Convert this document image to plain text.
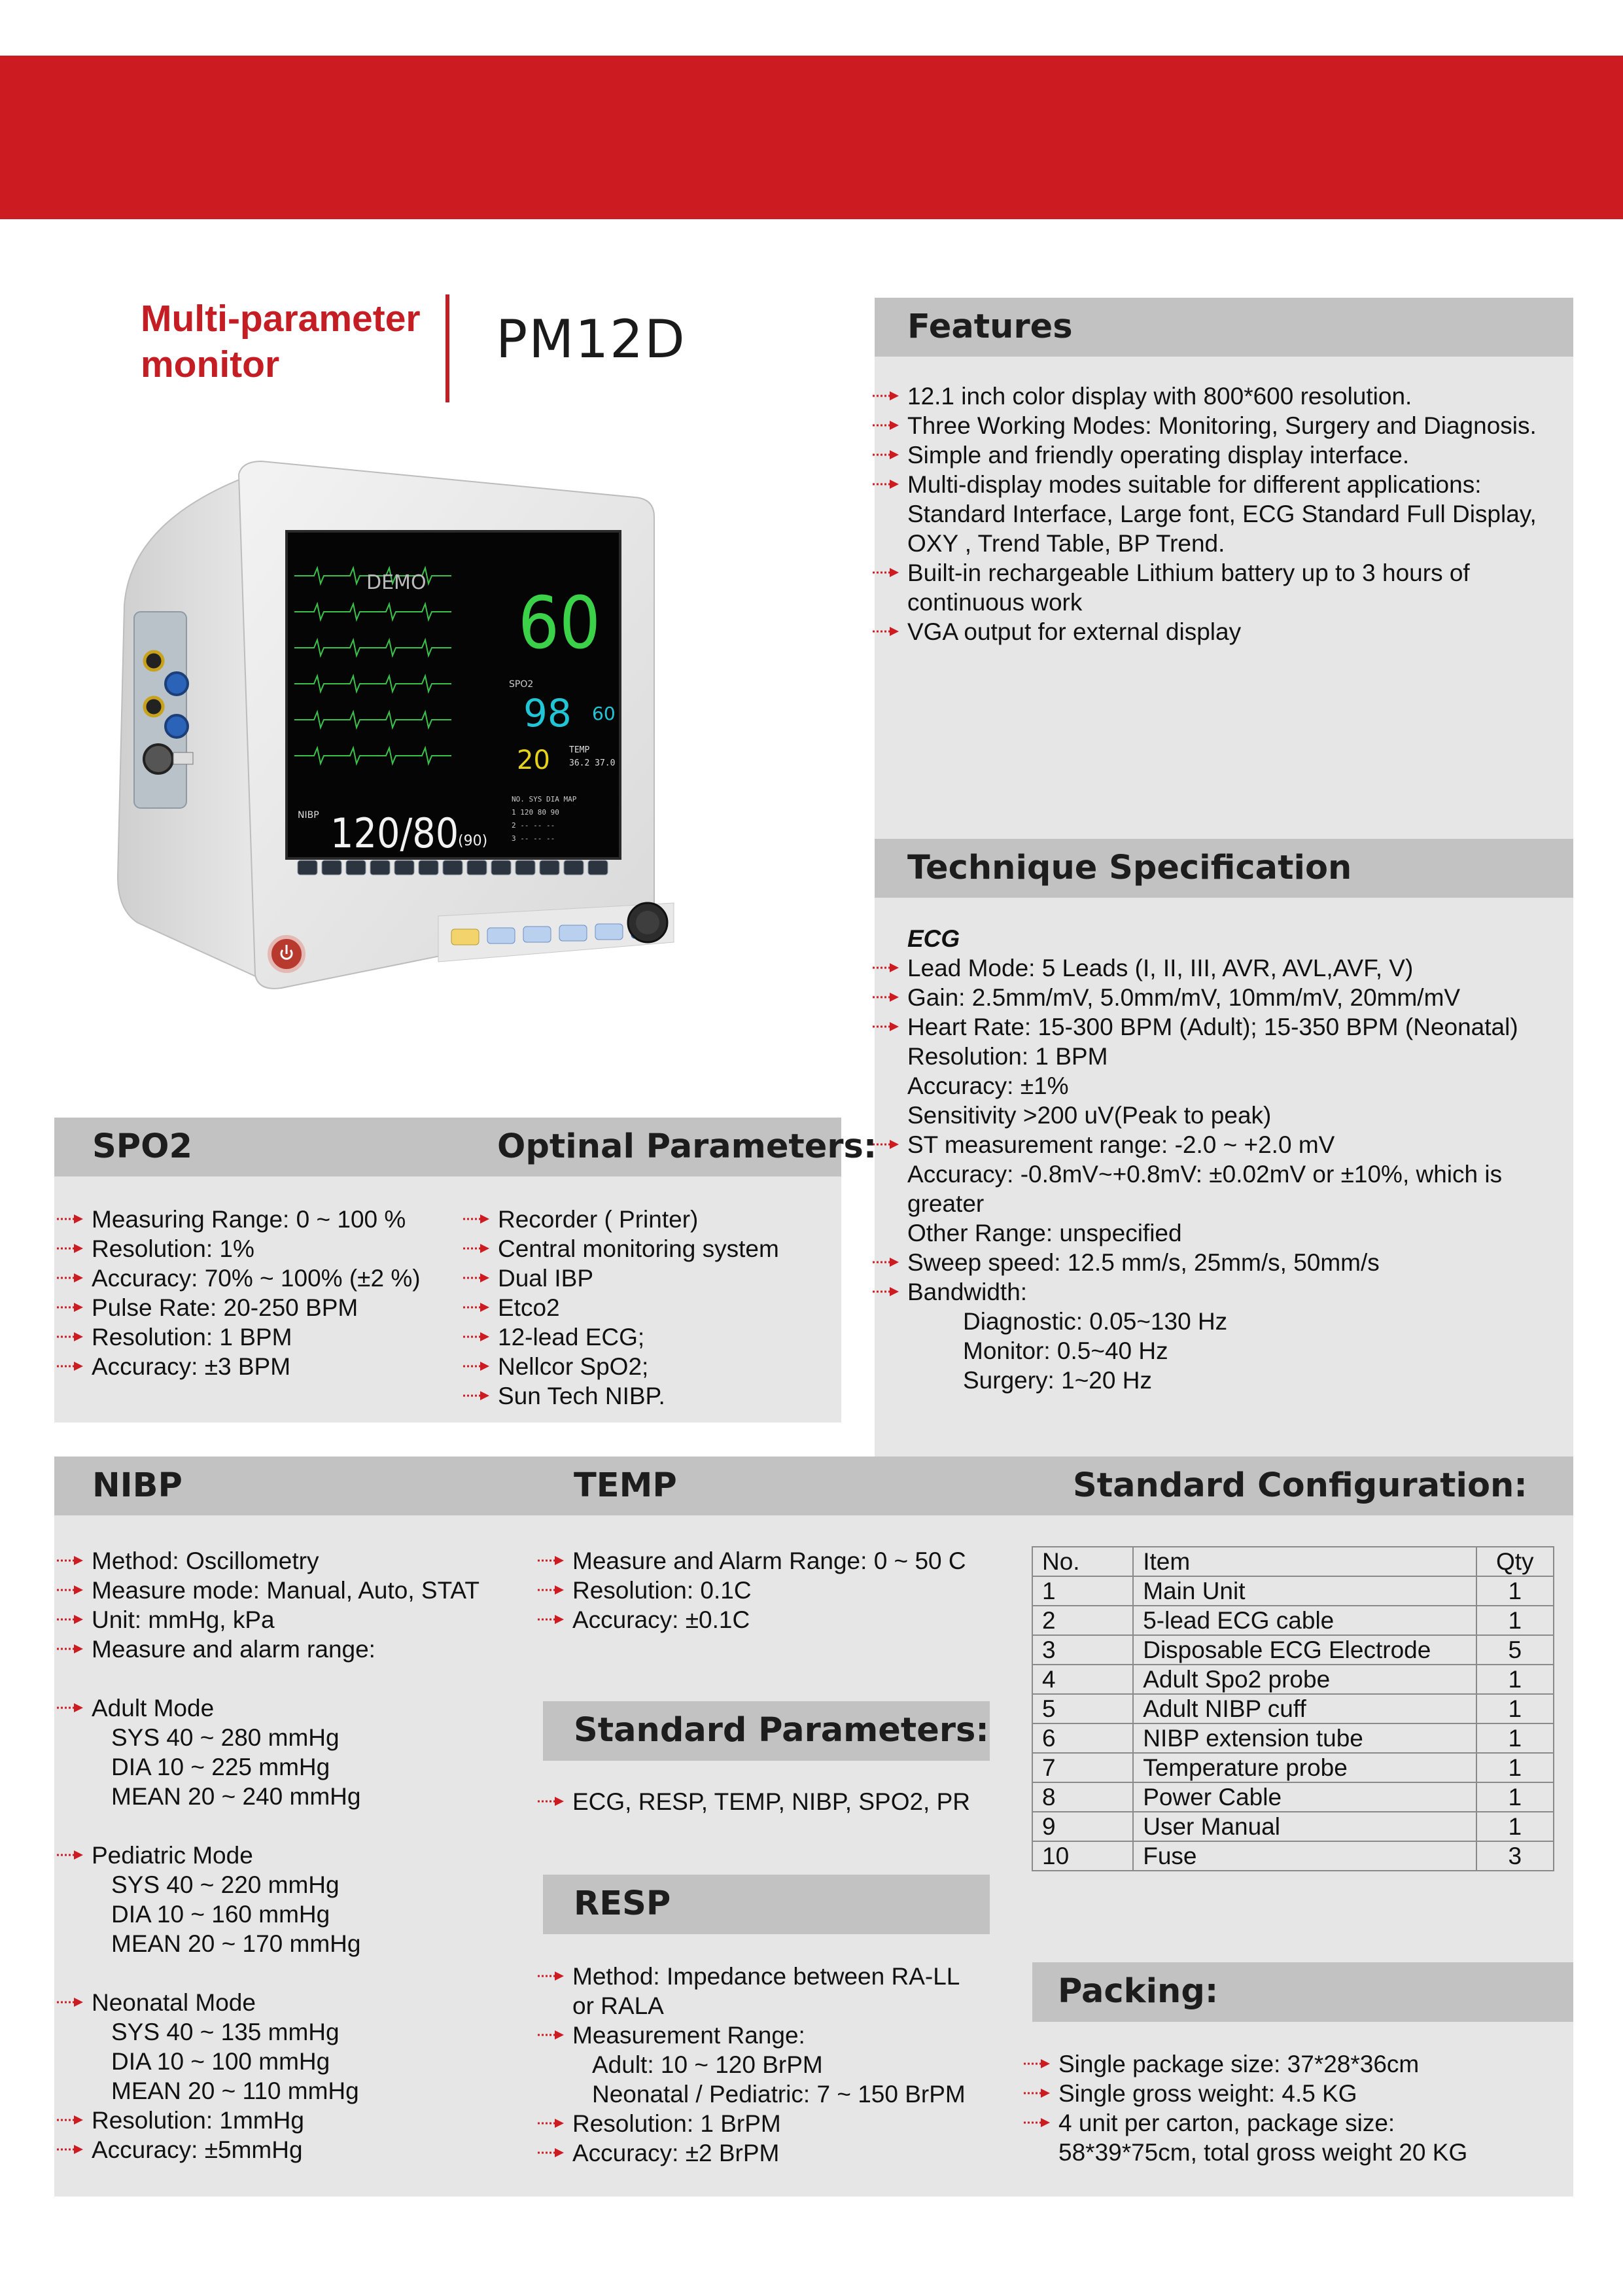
Multi-parameter
monitor	PM12D
DEMO 60
SPO2
98 60
20 TEMP
36.2 37.0
NIBP 120/80
(90)
NO. SYS DIA MAP
1 120 80 90
2 -- -- --
3 -- -- --
Features
12.1 inch color display with 800*600 resolution.
Three Working Modes: Monitoring, Surgery and Diagnosis.
Simple and friendly operating display interface.
Multi-display modes suitable for different applications:
Standard Interface, Large font, ECG Standard Full Display,
OXY , Trend Table, BP Trend.
Built-in rechargeable Lithium battery up to 3 hours of
continuous work
VGA output for external display
Technique Specification
ECG
Lead Mode: 5 Leads (I, II, III, AVR, AVL,AVF, V)
Gain: 2.5mm/mV, 5.0mm/mV, 10mm/mV, 20mm/mV
Heart Rate: 15-300 BPM (Adult); 15-350 BPM (Neonatal)
Resolution: 1 BPM
Accuracy: ±1%
Sensitivity >200 uV(Peak to peak)
ST measurement range: -2.0 ~ +2.0 mV
Accuracy: -0.8mV~+0.8mV: ±0.02mV or ±10%, which is
greater
Other Range: unspecified
Sweep speed: 12.5 mm/s, 25mm/s, 50mm/s
Bandwidth:
Diagnostic: 0.05~130 Hz
Monitor: 0.5~40 Hz
Surgery: 1~20 Hz
SPO2	Optinal Parameters:
Measuring Range: 0 ~ 100 %
Resolution: 1%
Accuracy: 70% ~ 100% (±2 %)
Pulse Rate: 20-250 BPM
Resolution: 1 BPM
Accuracy: ±3 BPM
Recorder ( Printer)
Central monitoring system
Dual IBP
Etco2
12-lead ECG;
Nellcor SpO2;
Sun Tech NIBP.
NIBP	TEMP	Standard Configuration:
Method: Oscillometry
Measure mode: Manual, Auto, STAT
Unit: mmHg, kPa
Measure and alarm range:

Adult Mode
SYS 40 ~ 280 mmHg
DIA 10 ~ 225 mmHg
MEAN 20 ~ 240 mmHg

Pediatric Mode
SYS 40 ~ 220 mmHg
DIA 10 ~ 160 mmHg
MEAN 20 ~ 170 mmHg

Neonatal Mode
SYS 40 ~ 135 mmHg
DIA 10 ~ 100 mmHg
MEAN 20 ~ 110 mmHg
Resolution: 1mmHg
Accuracy: ±5mmHg
Measure and Alarm Range: 0 ~ 50 C
Resolution: 0.1C
Accuracy: ±0.1C
Standard Parameters:
ECG, RESP, TEMP, NIBP, SPO2, PR
RESP
Method: Impedance between RA-LL
or RALA
Measurement Range:
Adult: 10 ~ 120 BrPM
Neonatal / Pediatric: 7 ~ 150 BrPM
Resolution: 1 BrPM
Accuracy: ±2 BrPM
No.	Item	Qty
1	Main Unit	1
2	5-lead ECG cable	1
3	Disposable ECG Electrode	5
4	Adult Spo2 probe	1
5	Adult NIBP cuff	1
6	NIBP extension tube	1
7	Temperature probe	1
8	Power Cable	1
9	User Manual	1
10	Fuse	3
Packing:
Single package size: 37*28*36cm
Single gross weight: 4.5 KG
4 unit per carton, package size:
58*39*75cm, total gross weight 20 KG
